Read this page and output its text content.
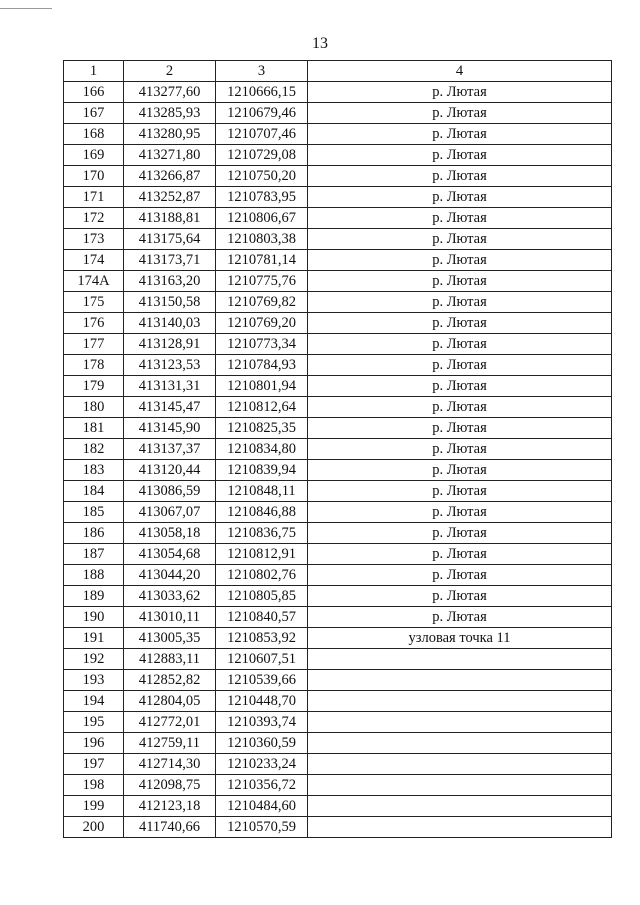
13
1	2	3	4
166	413277,60	1210666,15	р. Лютая
167	413285,93	1210679,46	р. Лютая
168	413280,95	1210707,46	р. Лютая
169	413271,80	1210729,08	р. Лютая
170	413266,87	1210750,20	р. Лютая
171	413252,87	1210783,95	р. Лютая
172	413188,81	1210806,67	р. Лютая
173	413175,64	1210803,38	р. Лютая
174	413173,71	1210781,14	р. Лютая
174А	413163,20	1210775,76	р. Лютая
175	413150,58	1210769,82	р. Лютая
176	413140,03	1210769,20	р. Лютая
177	413128,91	1210773,34	р. Лютая
178	413123,53	1210784,93	р. Лютая
179	413131,31	1210801,94	р. Лютая
180	413145,47	1210812,64	р. Лютая
181	413145,90	1210825,35	р. Лютая
182	413137,37	1210834,80	р. Лютая
183	413120,44	1210839,94	р. Лютая
184	413086,59	1210848,11	р. Лютая
185	413067,07	1210846,88	р. Лютая
186	413058,18	1210836,75	р. Лютая
187	413054,68	1210812,91	р. Лютая
188	413044,20	1210802,76	р. Лютая
189	413033,62	1210805,85	р. Лютая
190	413010,11	1210840,57	р. Лютая
191	413005,35	1210853,92	узловая точка 11
192	412883,11	1210607,51	
193	412852,82	1210539,66	
194	412804,05	1210448,70	
195	412772,01	1210393,74	
196	412759,11	1210360,59	
197	412714,30	1210233,24	
198	412098,75	1210356,72	
199	412123,18	1210484,60	
200	411740,66	1210570,59	
